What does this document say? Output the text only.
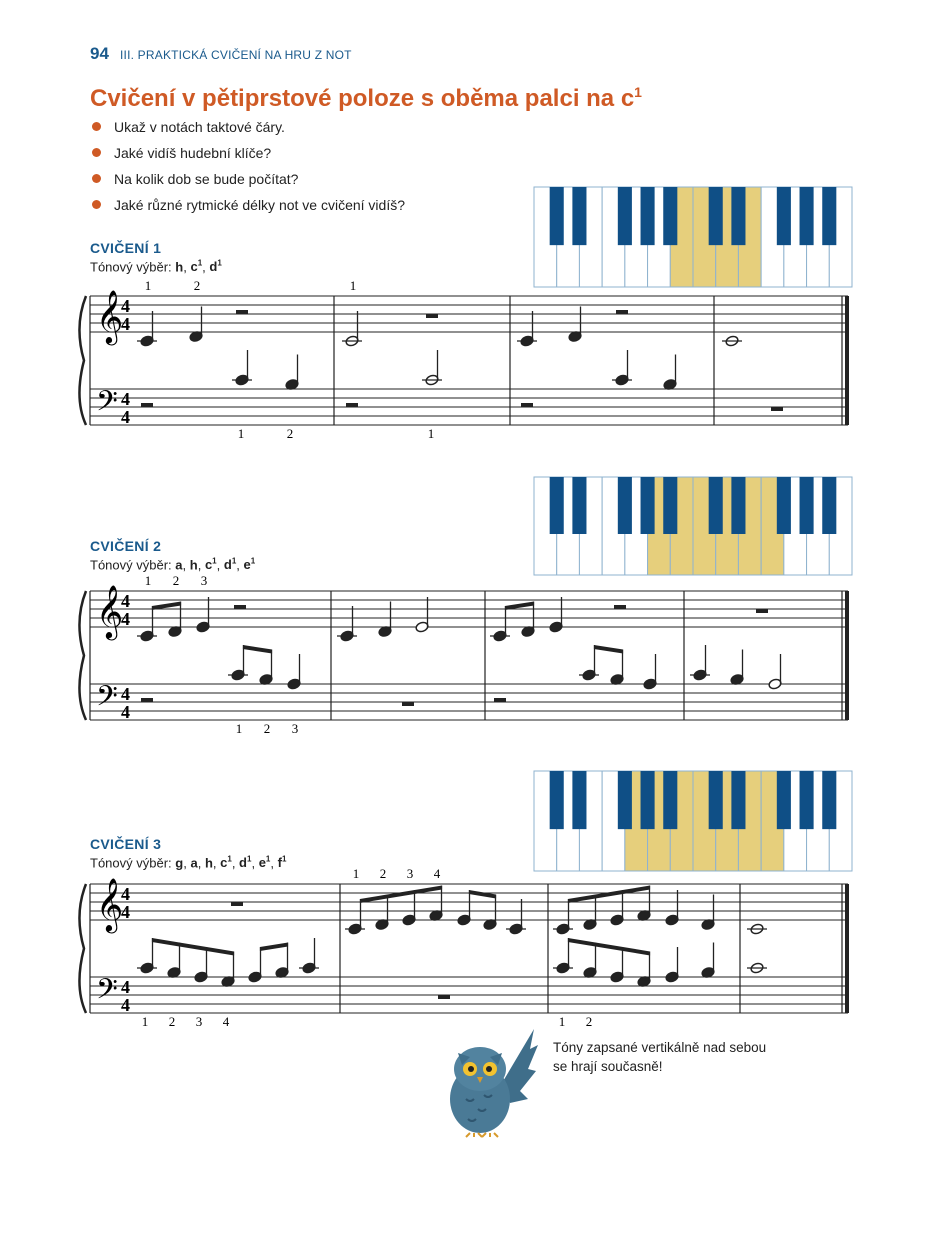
94 III. PRAKTICKÁ CVIČENÍ NA HRU Z NOT
Cvičení v pětiprstové poloze s oběma palci na $c^1$
Ukaž v notách taktové čáry.
Jaké vidíš hudební klíče?
Na kolik dob se bude počítat?
Jaké různé rytmické délky not ve cvičení vidíš?
CVIČENÍ 1
Tónový výběr: h, $c^1$, $d^1$
CVIČENÍ 2
Tónový výběr: a, h, $c^1$, $d^1$, $e^1$
CVIČENÍ 3
Tónový výběr: g, a, h, $c^1$, $d^1$, $e^1$, $f^1$
𝄞
𝄢
4
4
4
4
1	2	1
1	2	1
𝄞
𝄢
4
4
4
4
1 2 3
1 2 3
𝄞
𝄢
4
4
4
4
1 2 3 4
1 2 3 4	1 2
Tóny zapsané vertikálně nad sebou
se hrají současně!
